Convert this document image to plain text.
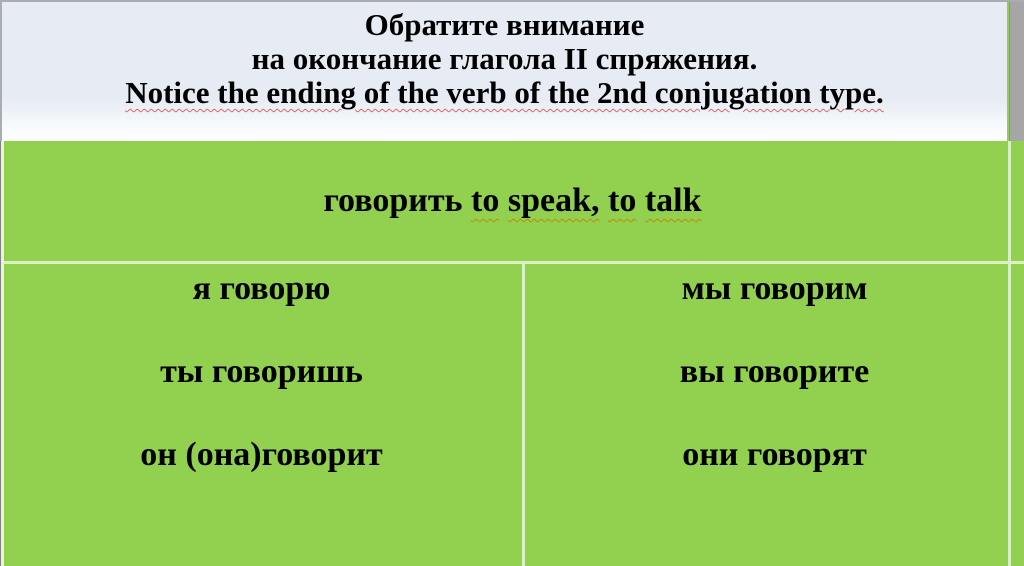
Обратите внимание
на окончание глагола II спряжения.
Notice the ending of the verb of the 2nd conjugation type.
говорить to speak, to talk
я говорю
ты говоришь
он (она)говорит
мы говорим
вы говорите
они говорят
